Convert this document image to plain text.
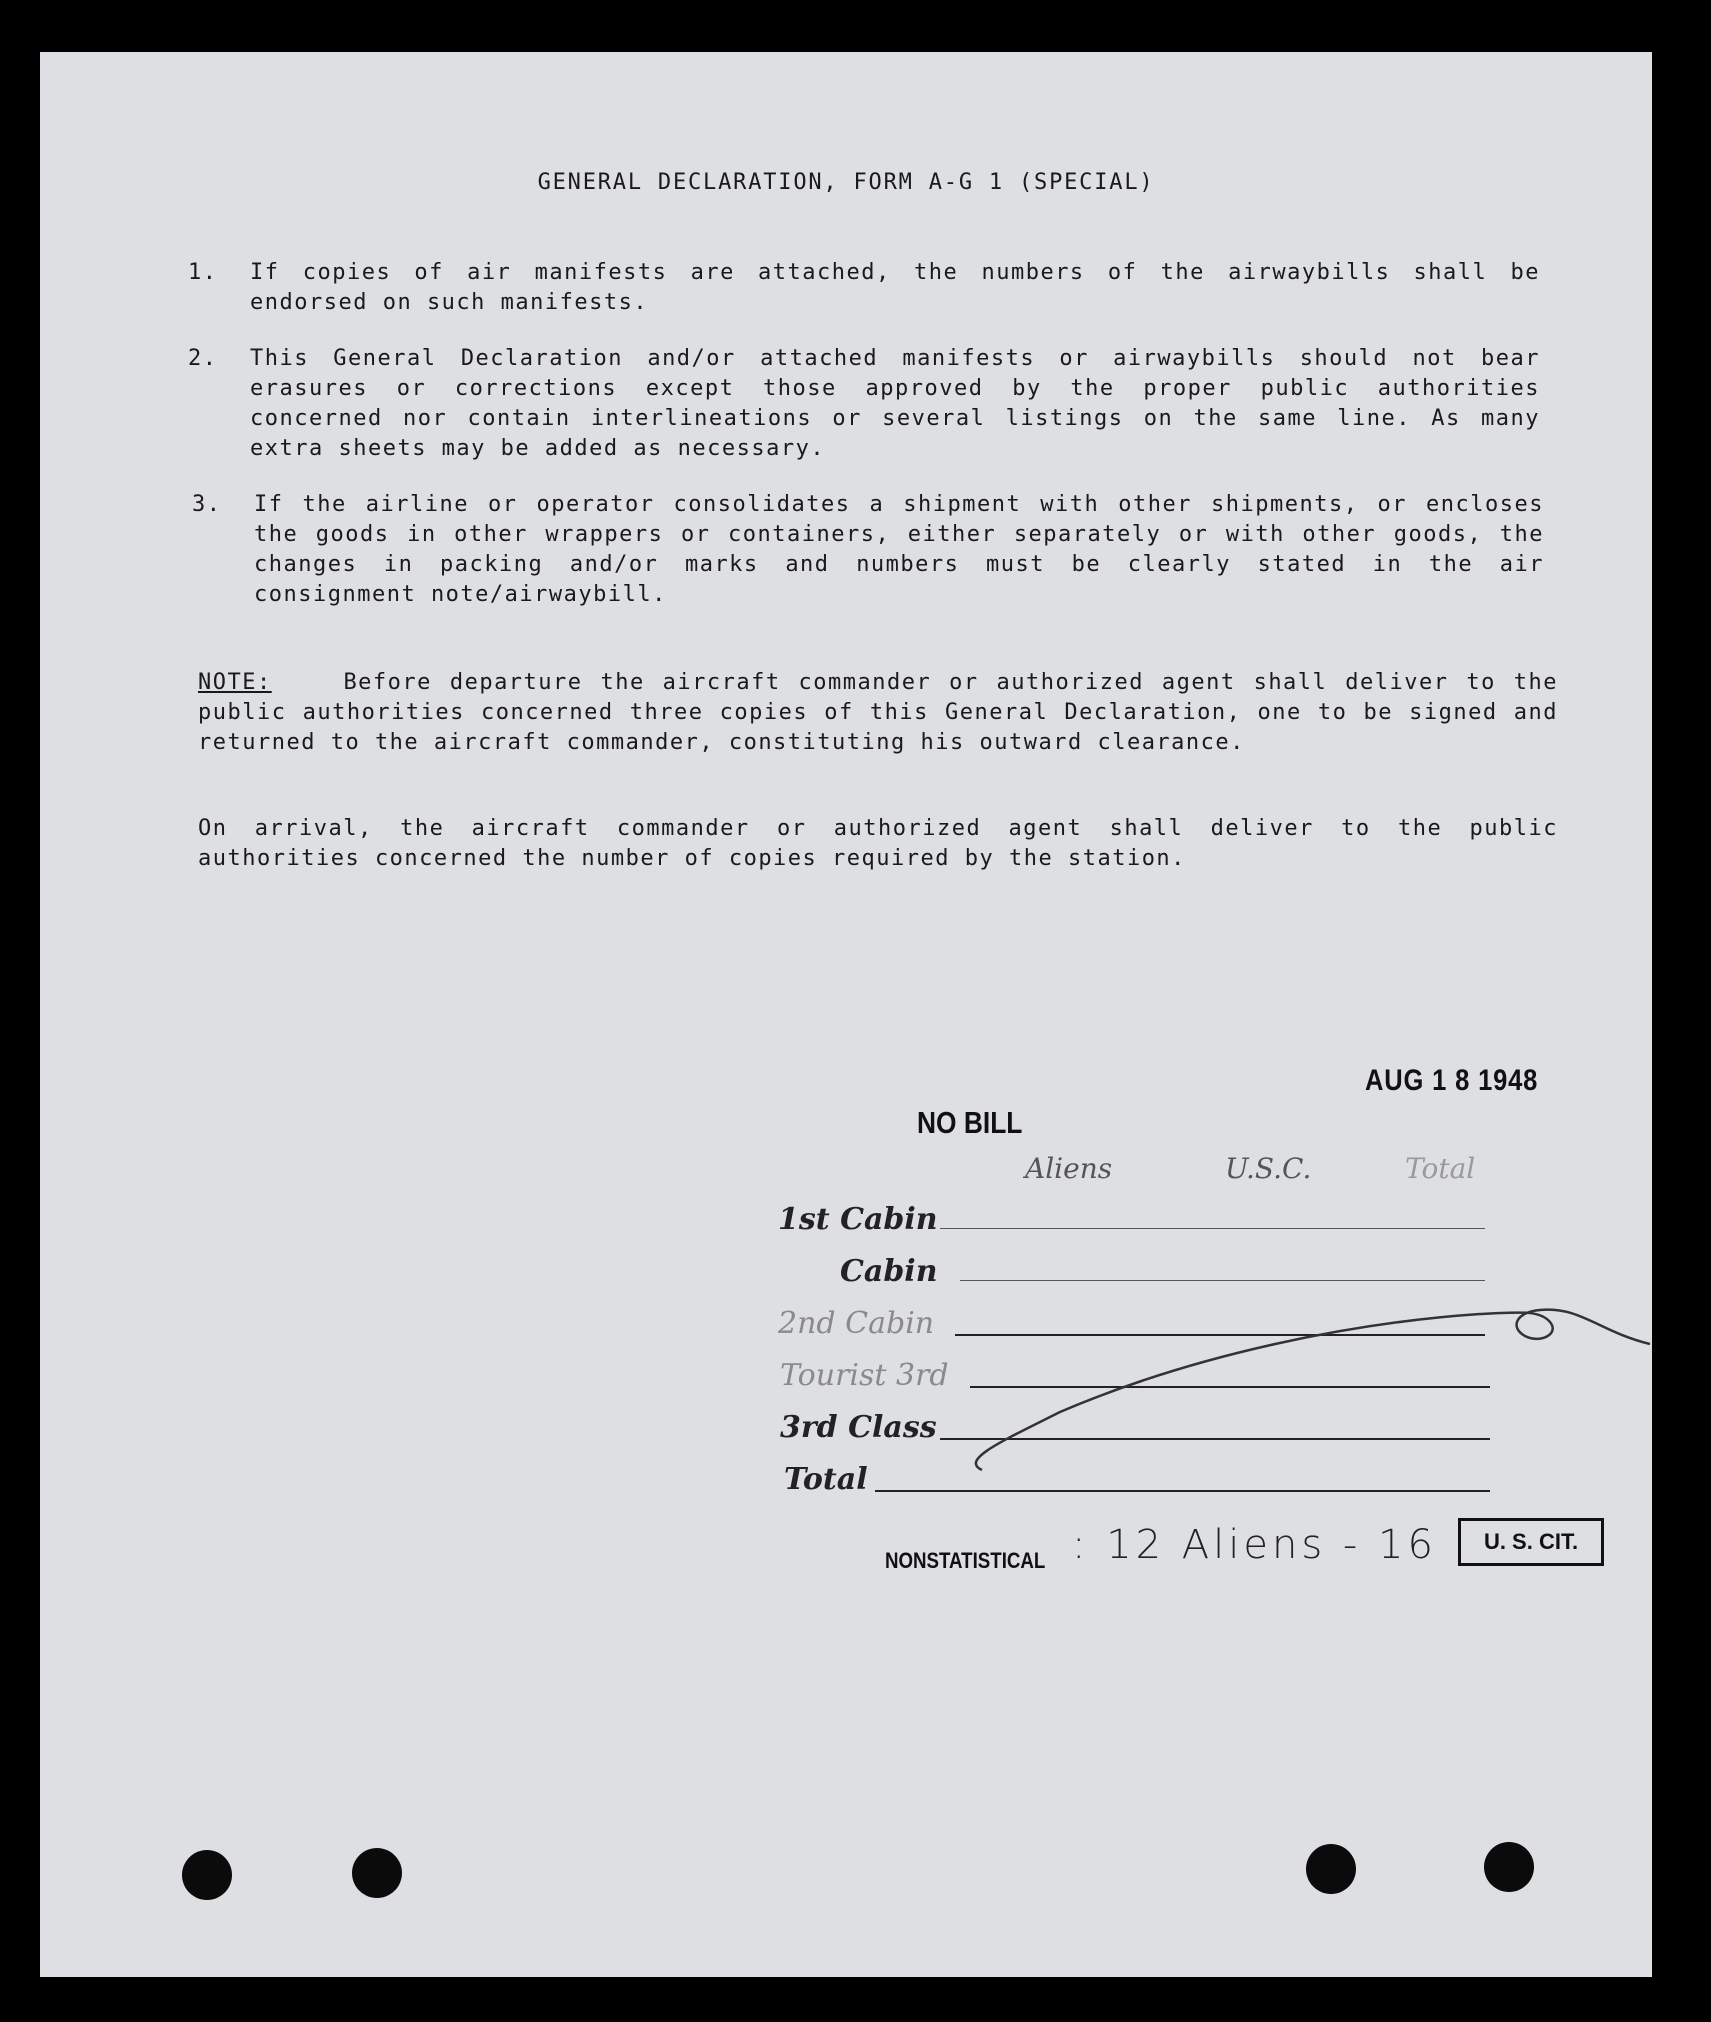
GENERAL DECLARATION, FORM A-G 1 (SPECIAL)
1. If copies of air manifests are attached, the numbers of the airwaybills shall be endorsed on such manifests.
2. This General Declaration and/or attached manifests or airwaybills should not bear erasures or corrections except those approved by the proper public authorities concerned nor contain interlineations or several listings on the same line. As many extra sheets may be added as necessary.
3. If the airline or operator consolidates a shipment with other shipments, or encloses the goods in other wrappers or containers, either separately or with other goods, the changes in packing and/or marks and numbers must be clearly stated in the air consignment note/airwaybill.
NOTE:	Before departure the aircraft commander or authorized agent shall deliver to the public authorities concerned three copies of this General Declaration, one to be signed and returned to the aircraft commander, constituting his outward clearance.
On arrival, the aircraft commander or authorized agent shall deliver to the public authorities concerned the number of copies required by the station.
AUG 1 8 1948
NO BILL
Aliens	U.S.C.	Total
1st Cabin
Cabin
2nd Cabin
Tourist 3rd
3rd Class
Total
NONSTATISTICAL : 12 Aliens - 16	U. S. CIT.
